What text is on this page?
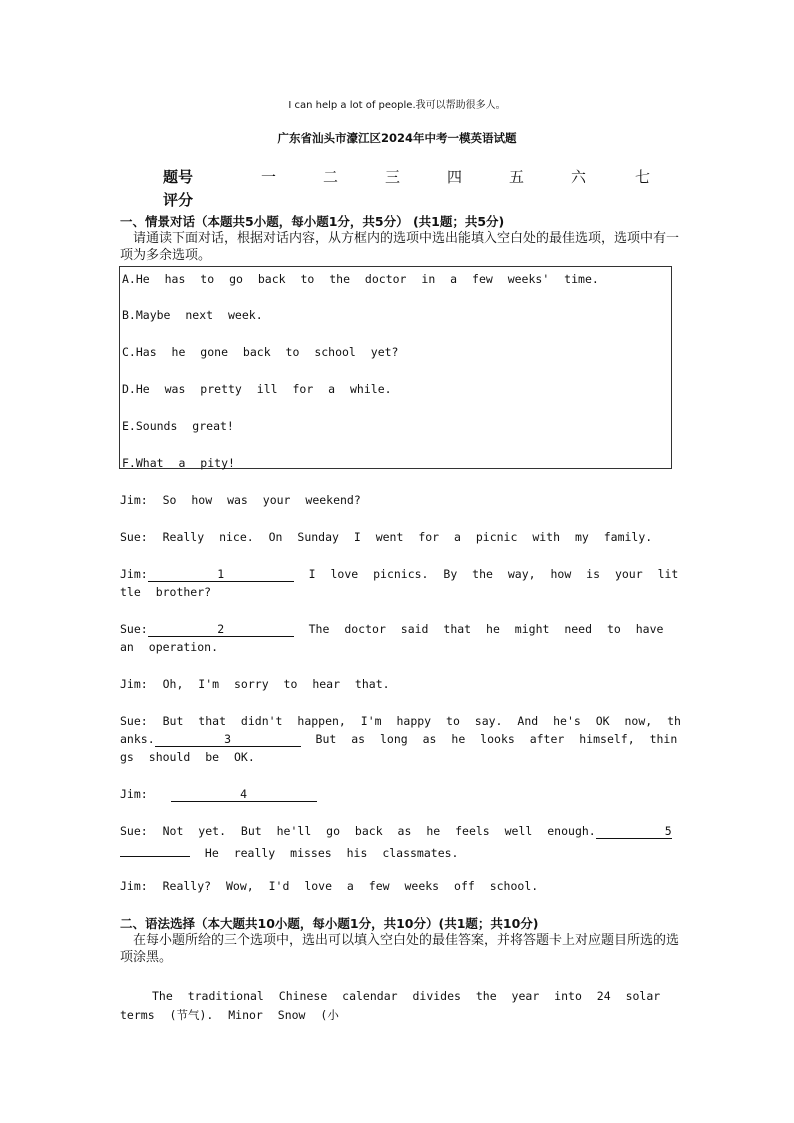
I can help a lot of people.我可以帮助很多人。
广东省汕头市濠江区2024年中考一模英语试题
题号	一	二	三	四	五	六	七
评分
一、情景对话（本题共5小题，每小题1分，共5分） (共1题；共5分)
请通读下面对话，根据对话内容，从方框内的选项中选出能填入空白处的最佳选项，选项中有一项为多余选项。
A.He has to go back to the doctor in a few weeks' time.
B.Maybe next week.
C.Has he gone back to school yet?
D.He was pretty ill for a while.
E.Sounds great!
F.What a pity!
Jim: So how was your weekend?
Sue: Really nice. On Sunday I went for a picnic with my family.
Jim:	1	I love picnics. By the way, how is your lit
tle brother?
Sue:	2	The doctor said that he might need to have
an operation.
Jim: Oh, I'm sorry to hear that.
Sue: But that didn't happen, I'm happy to say. And he's OK now, th
anks.	3	But as long as he looks after himself, thin
gs should be OK.
Jim:	4
Sue: Not yet. But he'll go back as he feels well enough.	5
He really misses his classmates.
Jim: Really? Wow, I'd love a few weeks off school.
二、语法选择（本大题共10小题，每小题1分，共10分）(共1题；共10分)
在每小题所给的三个选项中，选出可以填入空白处的最佳答案，并将答题卡上对应题目所选的选项涂黑。
The traditional Chinese calendar divides the year into 24 solar
terms (节气). Minor Snow (小
